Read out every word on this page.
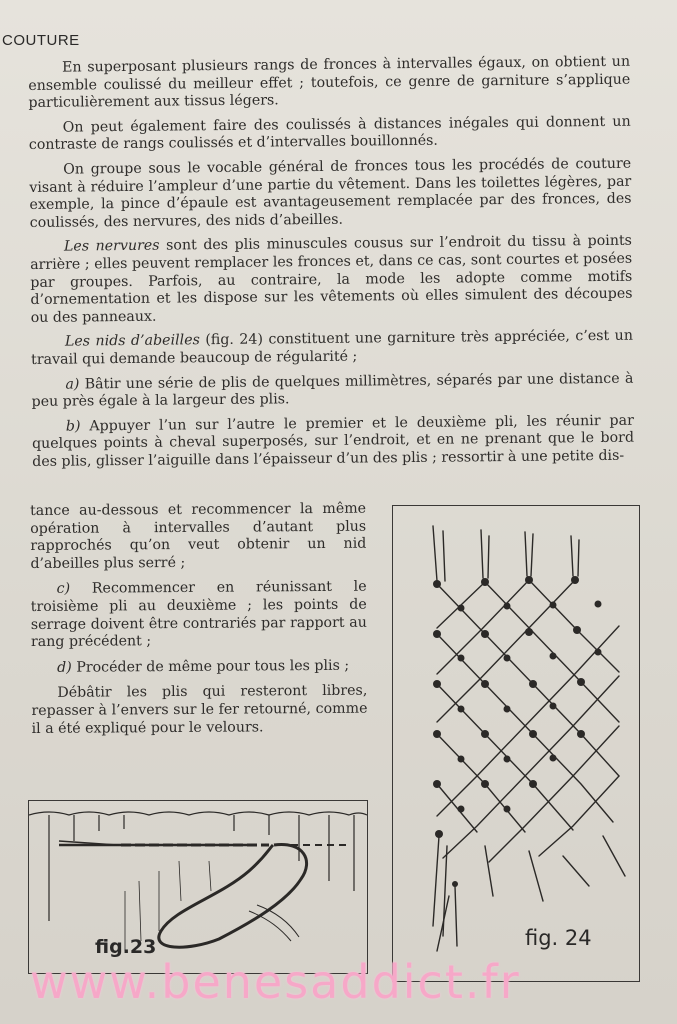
COUTURE

En superposant plusieurs rangs de fronces à intervalles égaux, on obtient un ensemble coulissé du meilleur effet ; toutefois, ce genre de garniture s’applique particulièrement aux tissus légers.

On peut également faire des coulissés à distances inégales qui donnent un contraste de rangs coulissés et d’intervalles bouillonnés.

On groupe sous le vocable général de fronces tous les procédés de couture visant à réduire l’ampleur d’une partie du vêtement. Dans les toilettes légères, par exemple, la pince d’épaule est avantageusement remplacée par des fronces, des coulissés, des nervures, des nids d’abeilles.

Les nervures sont des plis minuscules cousus sur l’endroit du tissu à points arrière ; elles peuvent remplacer les fronces et, dans ce cas, sont courtes et posées par groupes. Parfois, au contraire, la mode les adopte comme motifs d’ornementation et les dispose sur les vêtements où elles simulent des découpes ou des panneaux.

Les nids d’abeilles (fig. 24) constituent une garniture très appréciée, c’est un travail qui demande beaucoup de régularité ;

a) Bâtir une série de plis de quelques millimètres, séparés par une distance à peu près égale à la largeur des plis.

b) Appuyer l’un sur l’autre le premier et le deuxième pli, les réunir par quelques points à cheval superposés, sur l’endroit, et en ne prenant que le bord des plis, glisser l’aiguille dans l’épaisseur d’un des plis ; ressortir à une petite dis-

tance au-dessous et recommencer la même opération à intervalles d’autant plus rapprochés qu’on veut obtenir un nid d’abeilles plus serré ;

c) Recommencer en réunissant le troisième pli au deuxième ; les points de serrage doivent être contrariés par rapport au rang précédent ;

d) Procéder de même pour tous les plis ;

Débâtir les plis qui resteront libres, repasser à l’envers sur le fer retourné, comme il a été expliqué pour le velours.

fig. 24
fig.23
www.benesaddict.fr
